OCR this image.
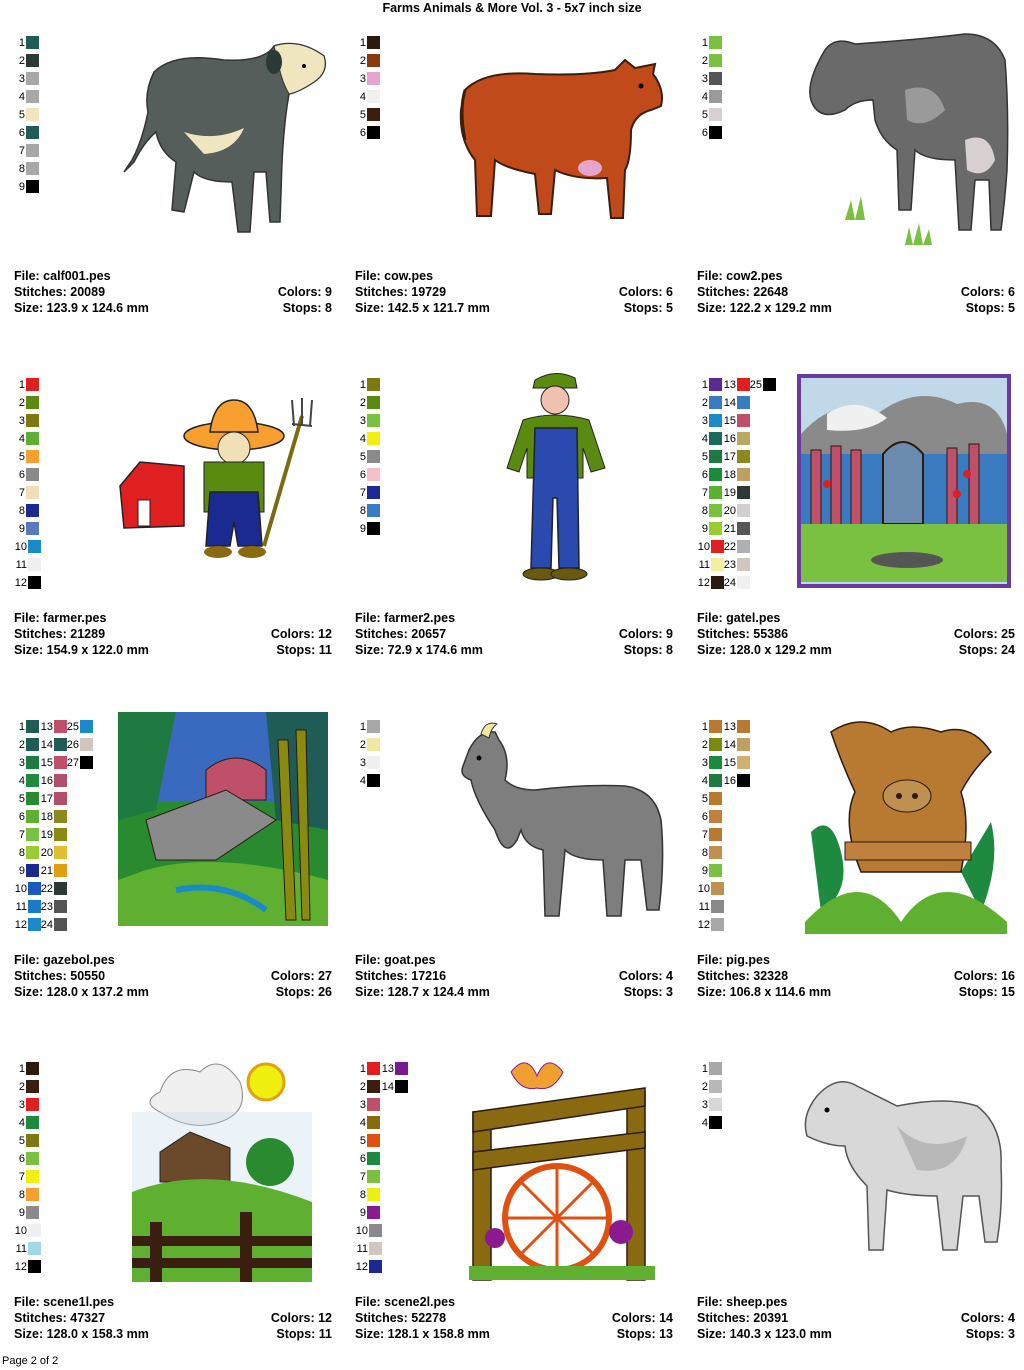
Farms Animals & More Vol. 3 - 5x7 inch size
1
2
3
4
5
6
7
8
9
File: calf001.pes
Stitches: 20089	Colors: 9
Size: 123.9 x 124.6 mm	Stops: 8
1
2
3
4
5
6
File: cow.pes
Stitches: 19729	Colors: 6
Size: 142.5 x 121.7 mm	Stops: 5
1
2
3
4
5
6
File: cow2.pes
Stitches: 22648	Colors: 6
Size: 122.2 x 129.2 mm	Stops: 5
1
2
3
4
5
6
7
8
9
10
11
12
File: farmer.pes
Stitches: 21289	Colors: 12
Size: 154.9 x 122.0 mm	Stops: 11
1
2
3
4
5
6
7
8
9
File: farmer2.pes
Stitches: 20657	Colors: 9
Size: 72.9 x 174.6 mm	Stops: 8
1
2
3
4
5
6
7
8
9
10
11
12
13
14
15
16
17
18
19
20
21
22
23
24
25
File: gatel.pes
Stitches: 55386	Colors: 25
Size: 128.0 x 129.2 mm	Stops: 24
1
2
3
4
5
6
7
8
9
10
11
12
13
14
15
16
17
18
19
20
21
22
23
24
25
26
27
File: gazebol.pes
Stitches: 50550	Colors: 27
Size: 128.0 x 137.2 mm	Stops: 26
1
2
3
4
File: goat.pes
Stitches: 17216	Colors: 4
Size: 128.7 x 124.4 mm	Stops: 3
1
2
3
4
5
6
7
8
9
10
11
12
13
14
15
16
File: pig.pes
Stitches: 32328	Colors: 16
Size: 106.8 x 114.6 mm	Stops: 15
1
2
3
4
5
6
7
8
9
10
11
12
File: scene1l.pes
Stitches: 47327	Colors: 12
Size: 128.0 x 158.3 mm	Stops: 11
1
2
3
4
5
6
7
8
9
10
11
12
13
14
File: scene2l.pes
Stitches: 52278	Colors: 14
Size: 128.1 x 158.8 mm	Stops: 13
1
2
3
4
File: sheep.pes
Stitches: 20391	Colors: 4
Size: 140.3 x 123.0 mm	Stops: 3
Page 2 of 2
